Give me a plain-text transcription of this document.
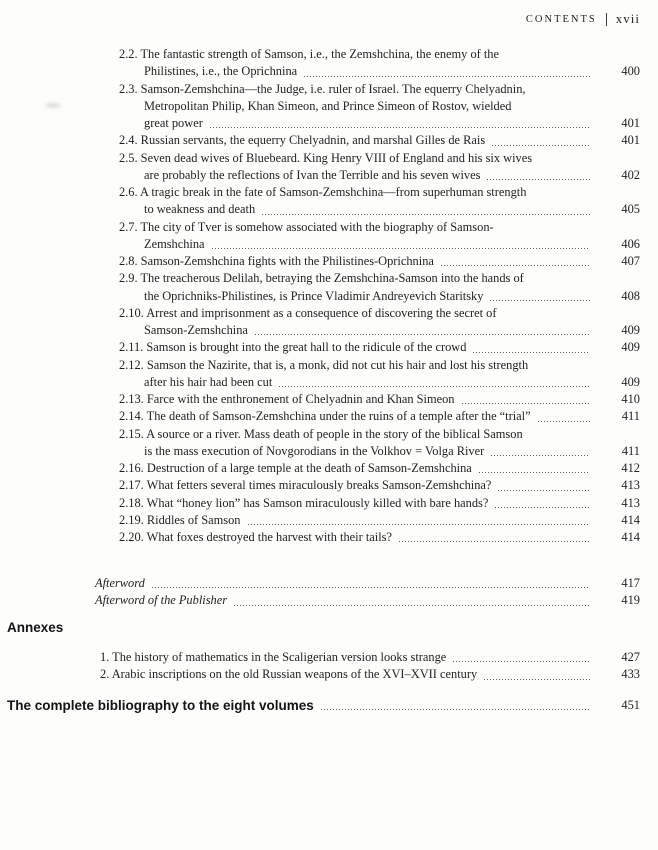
CONTENTS xvii
2.2. The fantastic strength of Samson, i.e., the Zemshchina, the enemy of the
Philistines, i.e., the Oprichnina	400
2.3. Samson-Zemshchina—the Judge, i.e. ruler of Israel. The equerry Chelyadnin,
Metropolitan Philip, Khan Simeon, and Prince Simeon of Rostov, wielded
great power	401
2.4. Russian servants, the equerry Chelyadnin, and marshal Gilles de Rais	401
2.5. Seven dead wives of Bluebeard. King Henry VIII of England and his six wives
are probably the reflections of Ivan the Terrible and his seven wives	402
2.6. A tragic break in the fate of Samson-Zemshchina—from superhuman strength
to weakness and death	405
2.7. The city of Tver is somehow associated with the biography of Samson-
Zemshchina	406
2.8. Samson-Zemshchina fights with the Philistines-Oprichnina	407
2.9. The treacherous Delilah, betraying the Zemshchina-Samson into the hands of
the Oprichniks-Philistines, is Prince Vladimir Andreyevich Staritsky	408
2.10. Arrest and imprisonment as a consequence of discovering the secret of
Samson-Zemshchina	409
2.11. Samson is brought into the great hall to the ridicule of the crowd	409
2.12. Samson the Nazirite, that is, a monk, did not cut his hair and lost his strength
after his hair had been cut	409
2.13. Farce with the enthronement of Chelyadnin and Khan Simeon	410
2.14. The death of Samson-Zemshchina under the ruins of a temple after the “trial”	411
2.15. A source or a river. Mass death of people in the story of the biblical Samson
is the mass execution of Novgorodians in the Volkhov = Volga River	411
2.16. Destruction of a large temple at the death of Samson-Zemshchina	412
2.17. What fetters several times miraculously breaks Samson-Zemshchina?	413
2.18. What “honey lion” has Samson miraculously killed with bare hands?	413
2.19. Riddles of Samson	414
2.20. What foxes destroyed the harvest with their tails?	414
Afterword	417
Afterword of the Publisher	419
Annexes
1. The history of mathematics in the Scaligerian version looks strange	427
2. Arabic inscriptions on the old Russian weapons of the XVI–XVII century	433
The complete bibliography to the eight volumes	451
